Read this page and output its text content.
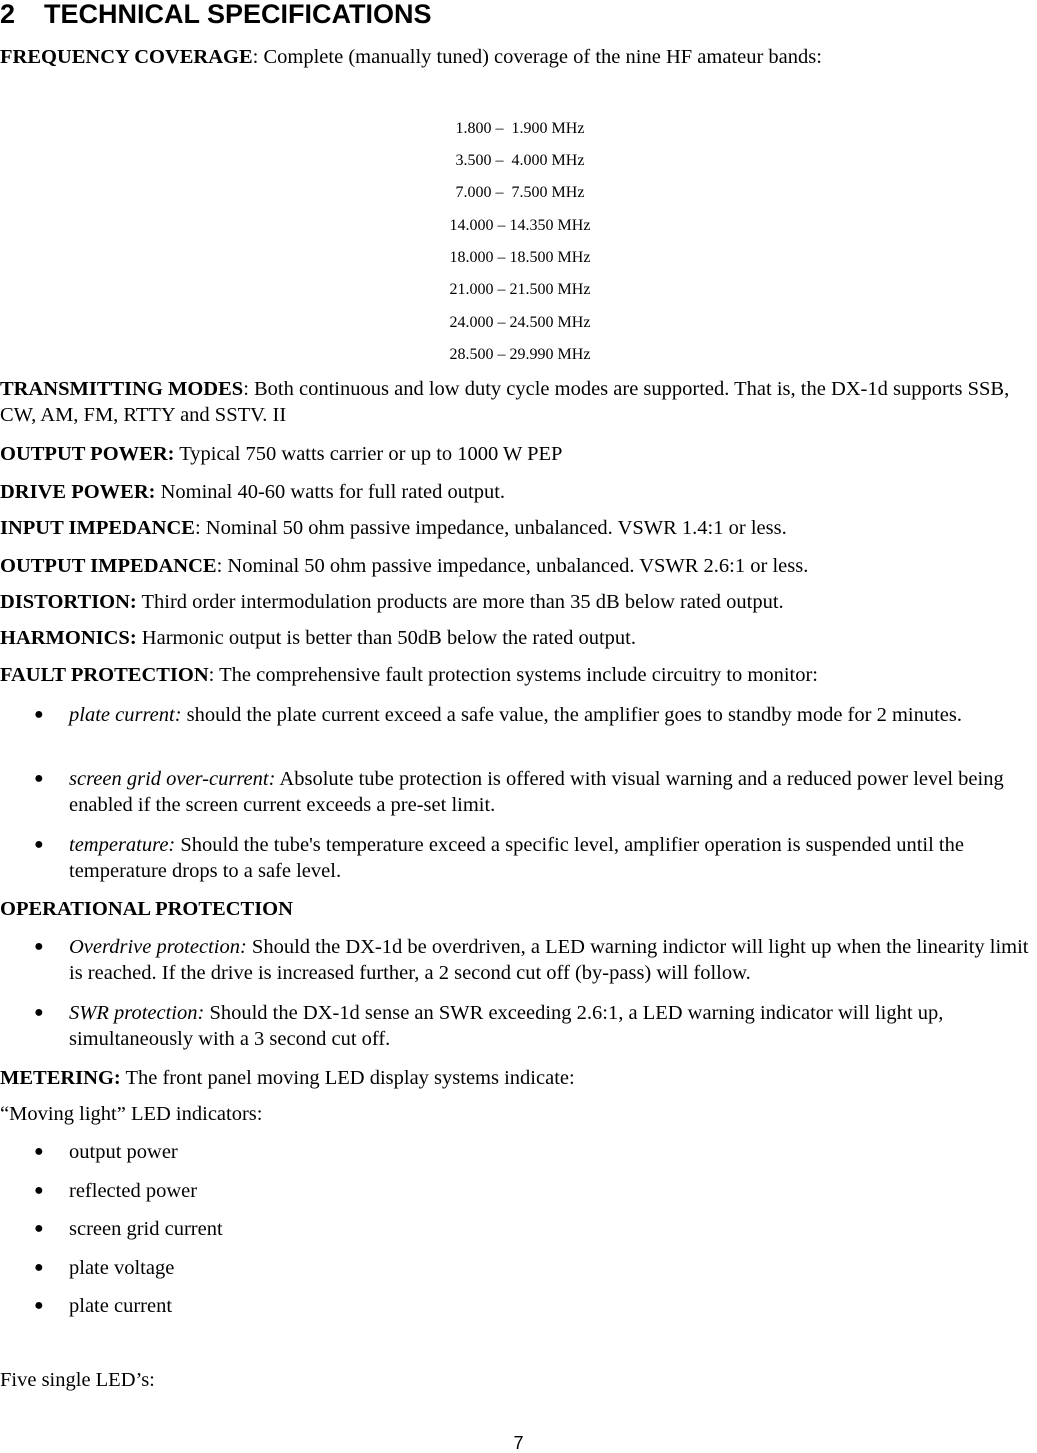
2 TECHNICAL SPECIFICATIONS

FREQUENCY COVERAGE: Complete (manually tuned) coverage of the nine HF amateur bands:

1.800 –  1.900 MHz

3.500 –  4.000 MHz

7.000 –  7.500 MHz

14.000 – 14.350 MHz

18.000 – 18.500 MHz

21.000 – 21.500 MHz

24.000 – 24.500 MHz

28.500 – 29.990 MHz

TRANSMITTING MODES: Both continuous and low duty cycle modes are supported. That is, the DX-1d supports SSB, CW, AM, FM, RTTY and SSTV. II

OUTPUT POWER: Typical 750 watts carrier or up to 1000 W PEP

DRIVE POWER: Nominal 40-60 watts for full rated output.

INPUT IMPEDANCE: Nominal 50 ohm passive impedance, unbalanced. VSWR 1.4:1 or less.

OUTPUT IMPEDANCE: Nominal 50 ohm passive impedance, unbalanced. VSWR 2.6:1 or less.

DISTORTION: Third order intermodulation products are more than 35 dB below rated output.

HARMONICS: Harmonic output is better than 50dB below the rated output.

FAULT PROTECTION: The comprehensive fault protection systems include circuitry to monitor:

● plate current: should the plate current exceed a safe value, the amplifier goes to standby mode for 2 minutes.

● screen grid over-current: Absolute tube protection is offered with visual warning and a reduced power level being enabled if the screen current exceeds a pre-set limit.

● temperature: Should the tube's temperature exceed a specific level, amplifier operation is suspended until the temperature drops to a safe level.

OPERATIONAL PROTECTION

● Overdrive protection: Should the DX-1d be overdriven, a LED warning indictor will light up when the linearity limit is reached. If the drive is increased further, a 2 second cut off (by-pass) will follow.

● SWR protection: Should the DX-1d sense an SWR exceeding 2.6:1, a LED warning indicator will light up, simultaneously with a 3 second cut off.

METERING: The front panel moving LED display systems indicate:

“Moving light” LED indicators:

● output power

● reflected power

● screen grid current

● plate voltage

● plate current

Five single LED’s:

7
